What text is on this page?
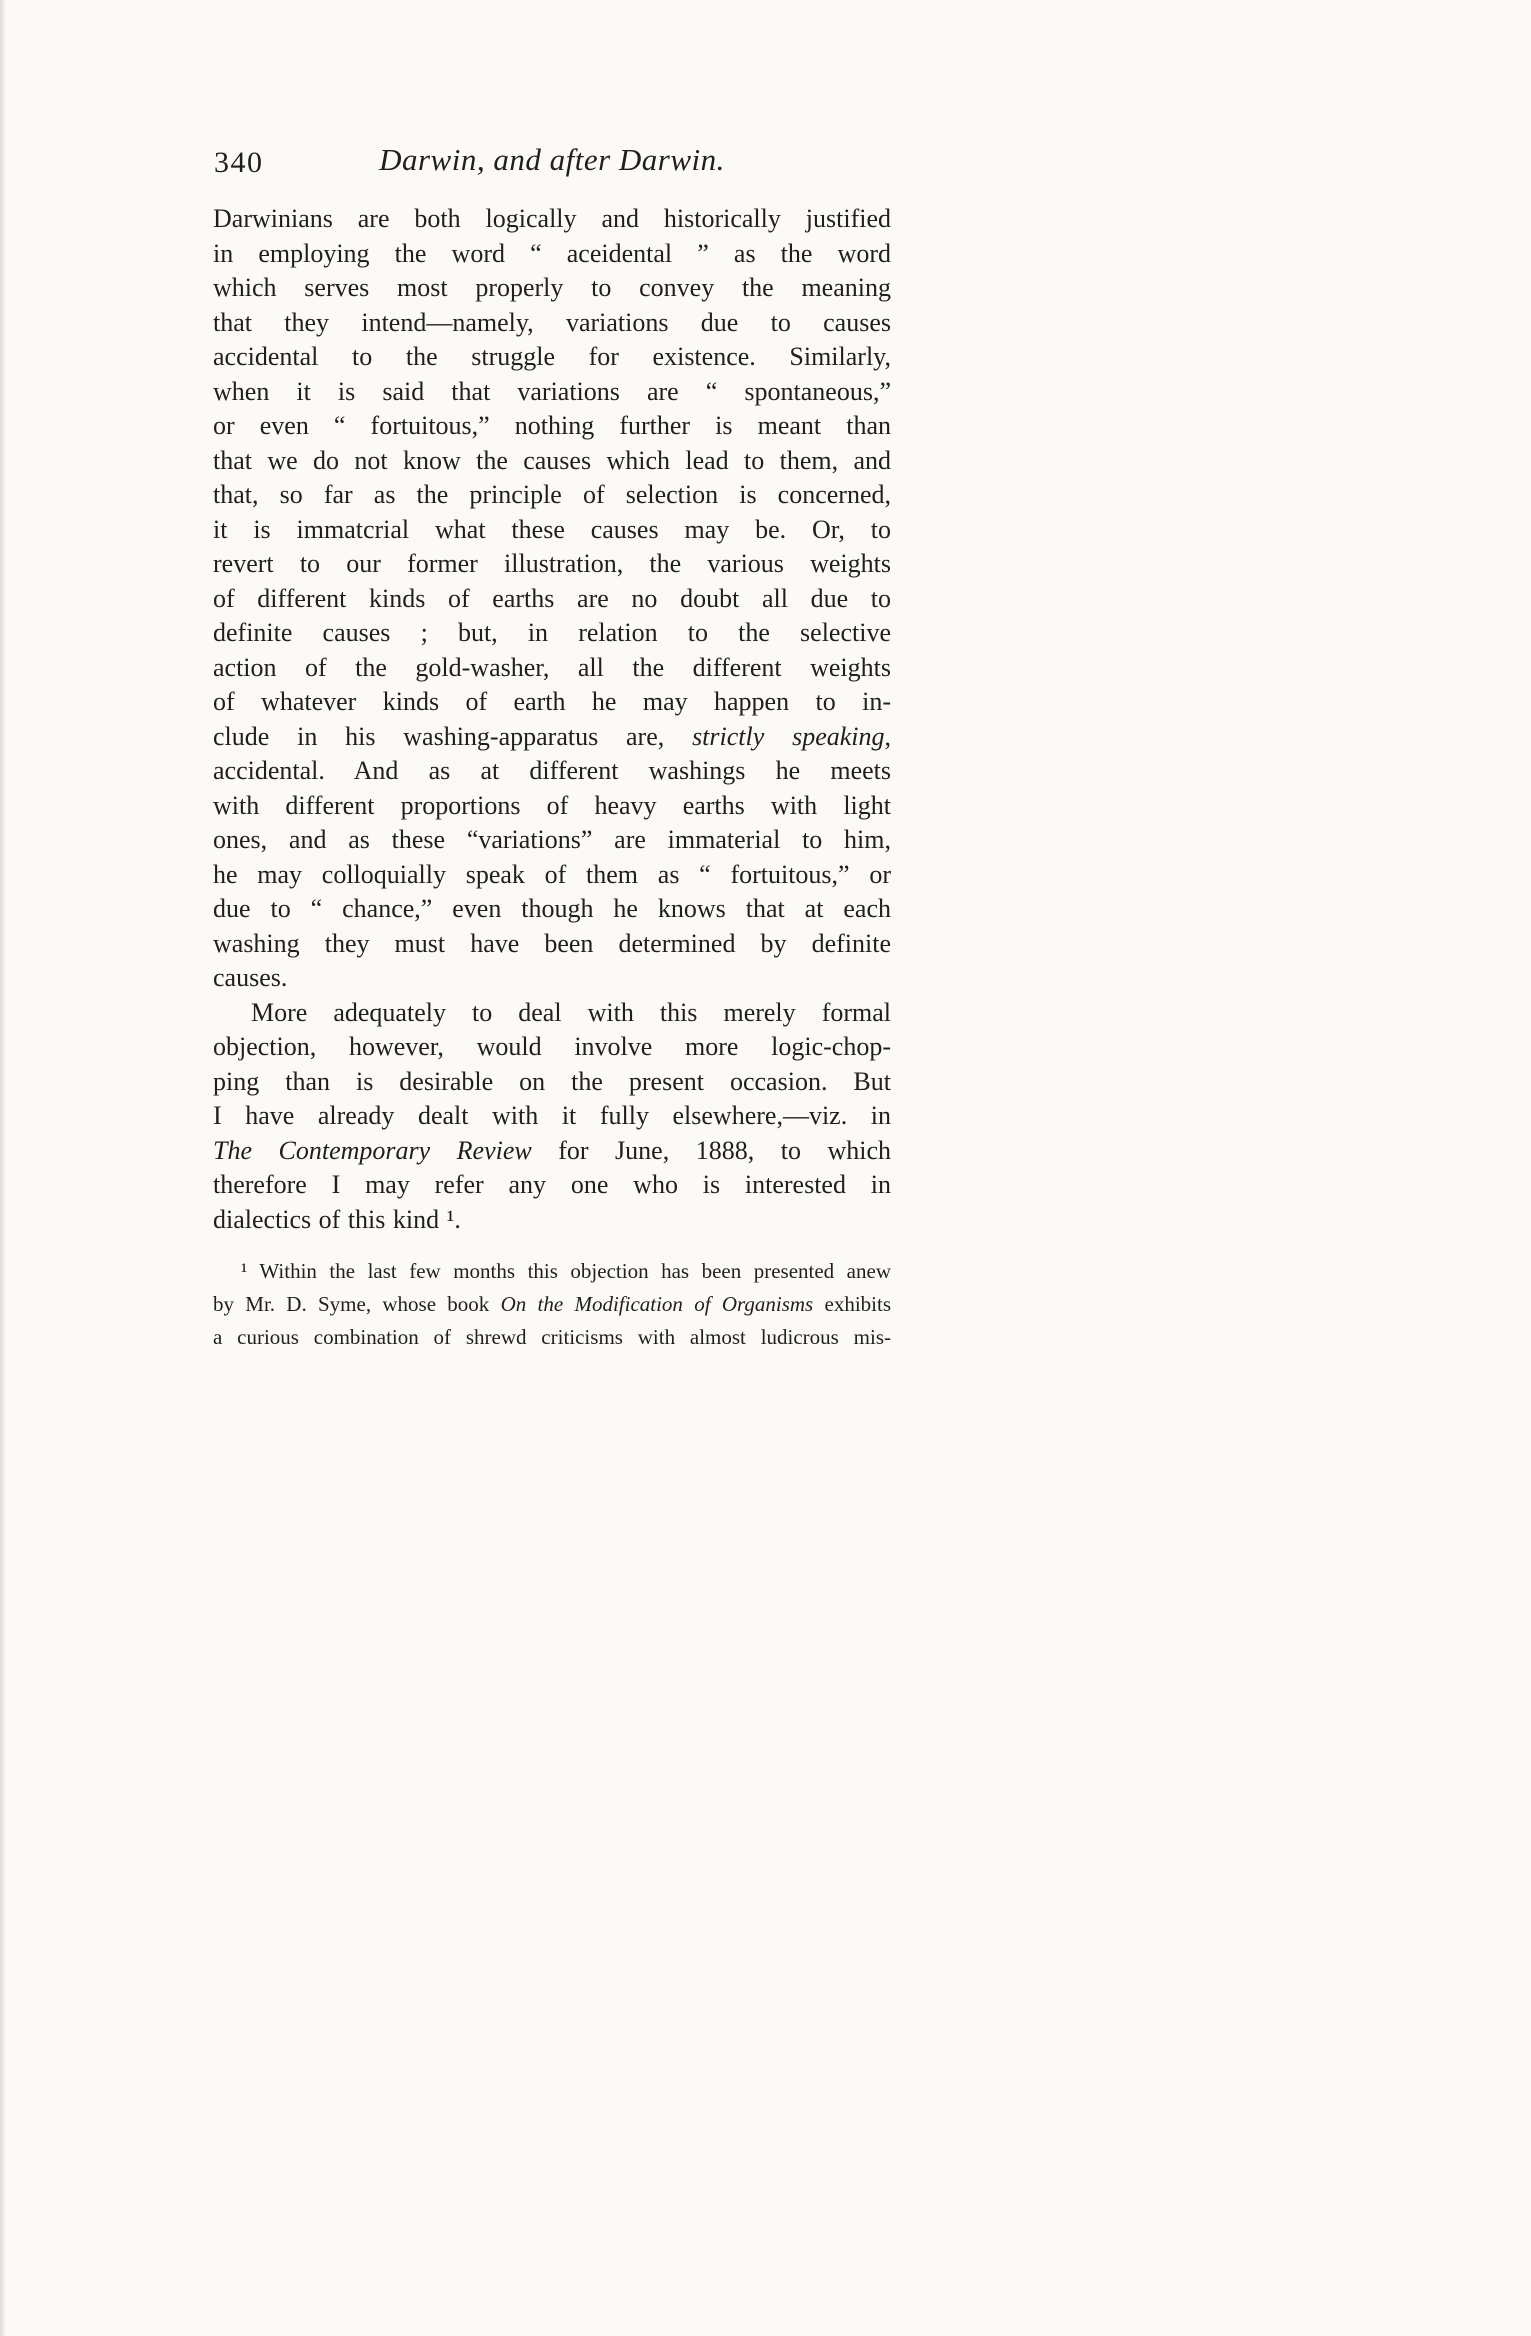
340	Darwin, and after Darwin.
Darwinians are both logically and historically justified
in employing the word “ aceidental ” as the word
which serves most properly to convey the meaning
that they intend—namely, variations due to causes
accidental to the struggle for existence. Similarly,
when it is said that variations are “ spontaneous,”
or even “ fortuitous,” nothing further is meant than
that we do not know the causes which lead to them, and
that, so far as the principle of selection is concerned,
it is immatcrial what these causes may be. Or, to
revert to our former illustration, the various weights
of different kinds of earths are no doubt all due to
definite causes ; but, in relation to the selective
action of the gold-washer, all the different weights
of whatever kinds of earth he may happen to in-
clude in his washing-apparatus are, strictly speaking,
accidental. And as at different washings he meets
with different proportions of heavy earths with light
ones, and as these “variations” are immaterial to him,
he may colloquially speak of them as “ fortuitous,” or
due to “ chance,” even though he knows that at each
washing they must have been determined by definite
causes.
More adequately to deal with this merely formal
objection, however, would involve more logic-chop-
ping than is desirable on the present occasion. But
I have already dealt with it fully elsewhere,—viz. in
The Contemporary Review for June, 1888, to which
therefore I may refer any one who is interested in
dialectics of this kind ¹.
¹ Within the last few months this objection has been presented anew
by Mr. D. Syme, whose book On the Modification of Organisms exhibits
a curious combination of shrewd criticisms with almost ludicrous mis-
